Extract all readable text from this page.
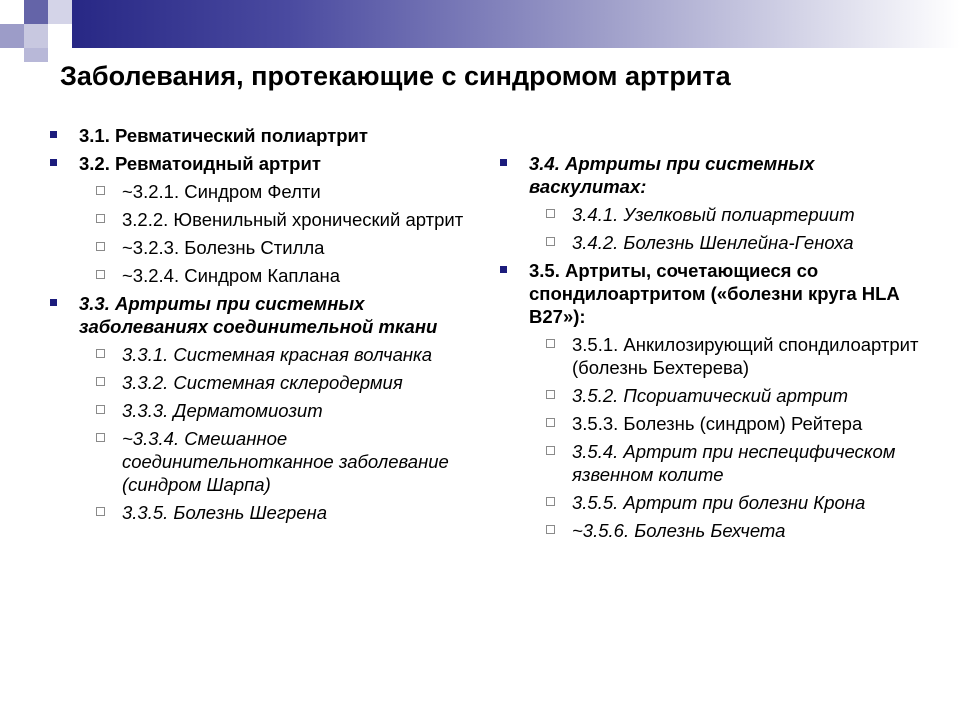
Заболевания, протекающие с синдромом артрита
3.1. Ревматический полиартрит
3.2. Ревматоидный артрит
~3.2.1. Синдром Фелти
3.2.2. Ювенильный хронический артрит
~3.2.3. Болезнь Стилла
~3.2.4. Синдром Каплана
3.3. Артриты при системных заболеваниях соединительной ткани
3.3.1. Системная красная волчанка
3.3.2. Системная склеродермия
3.3.3. Дерматомиозит
~3.3.4. Смешанное соединительнотканное заболевание (синдром Шарпа)
3.3.5. Болезнь Шегрена
3.4. Артриты при системных васкулитах:
3.4.1. Узелковый полиартериит
3.4.2. Болезнь Шенлейна-Геноха
3.5. Артриты, сочетающиеся со спондилоартритом («болезни круга HLA B27»):
3.5.1. Анкилозирующий спондилоартрит (болезнь Бехтерева)
3.5.2. Псориатический артрит
3.5.3. Болезнь (синдром) Рейтера
3.5.4. Артрит при неспецифическом язвенном колите
3.5.5. Артрит при болезни Крона
~3.5.6. Болезнь Бехчета
